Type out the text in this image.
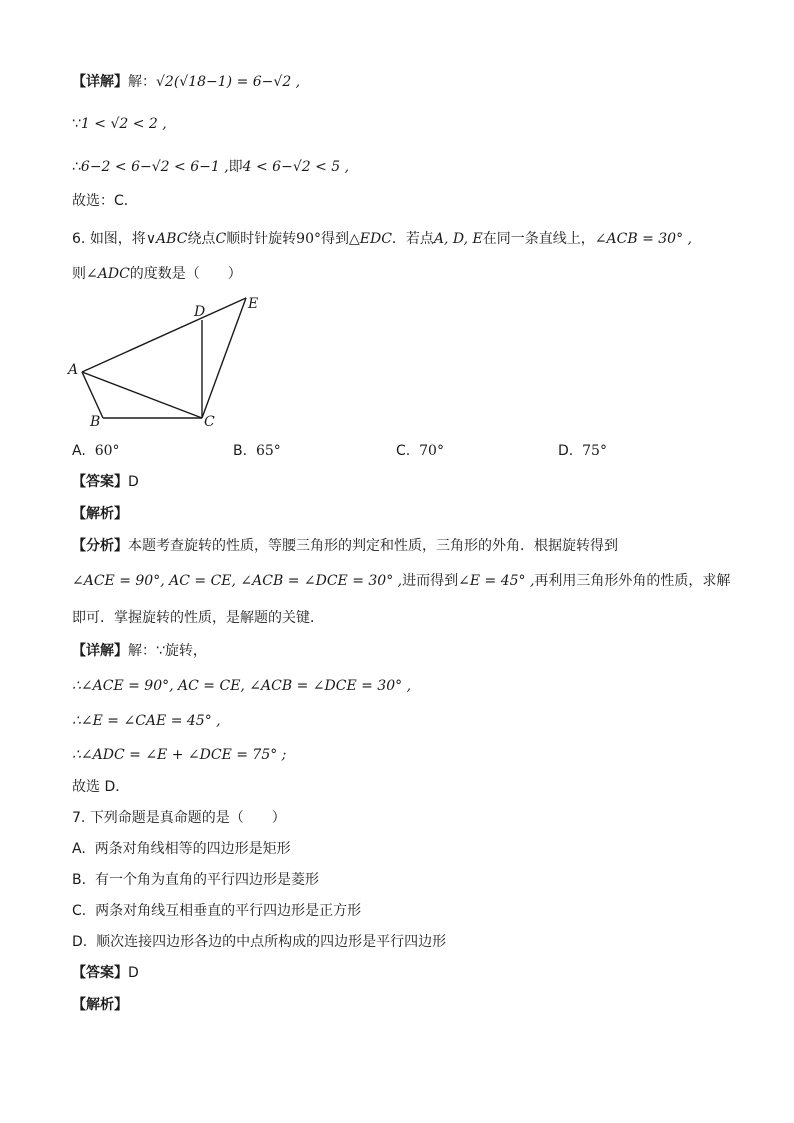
【详解】解：√2(√18−1) = 6−√2 ,
∵1 < √2 < 2 ,
∴6−2 < 6−√2 < 6−1 ,即4 < 6−√2 < 5 ,
故选：C．
6. 如图，将∨ABC绕点C顺时针旋转90°得到△EDC．若点A, D, E在同一条直线上，∠ACB = 30° ,
则∠ADC的度数是（　　）
A
B	C
D	E
A. 60°	B. 65°	C. 70°	D. 75°
【答案】D
【解析】
【分析】本题考查旋转的性质，等腰三角形的判定和性质，三角形的外角．根据旋转得到
∠ACE = 90°, AC = CE, ∠ACB = ∠DCE = 30° ,进而得到∠E = 45° ,再利用三角形外角的性质，求解
即可．掌握旋转的性质，是解题的关键．
【详解】解：∵旋转，
∴∠ACE = 90°, AC = CE, ∠ACB = ∠DCE = 30° ,
∴∠E = ∠CAE = 45° ,
∴∠ADC = ∠E + ∠DCE = 75° ;
故选 D．
7. 下列命题是真命题的是（　　）
A. 两条对角线相等的四边形是矩形
B. 有一个角为直角的平行四边形是菱形
C. 两条对角线互相垂直的平行四边形是正方形
D. 顺次连接四边形各边的中点所构成的四边形是平行四边形
【答案】D
【解析】
